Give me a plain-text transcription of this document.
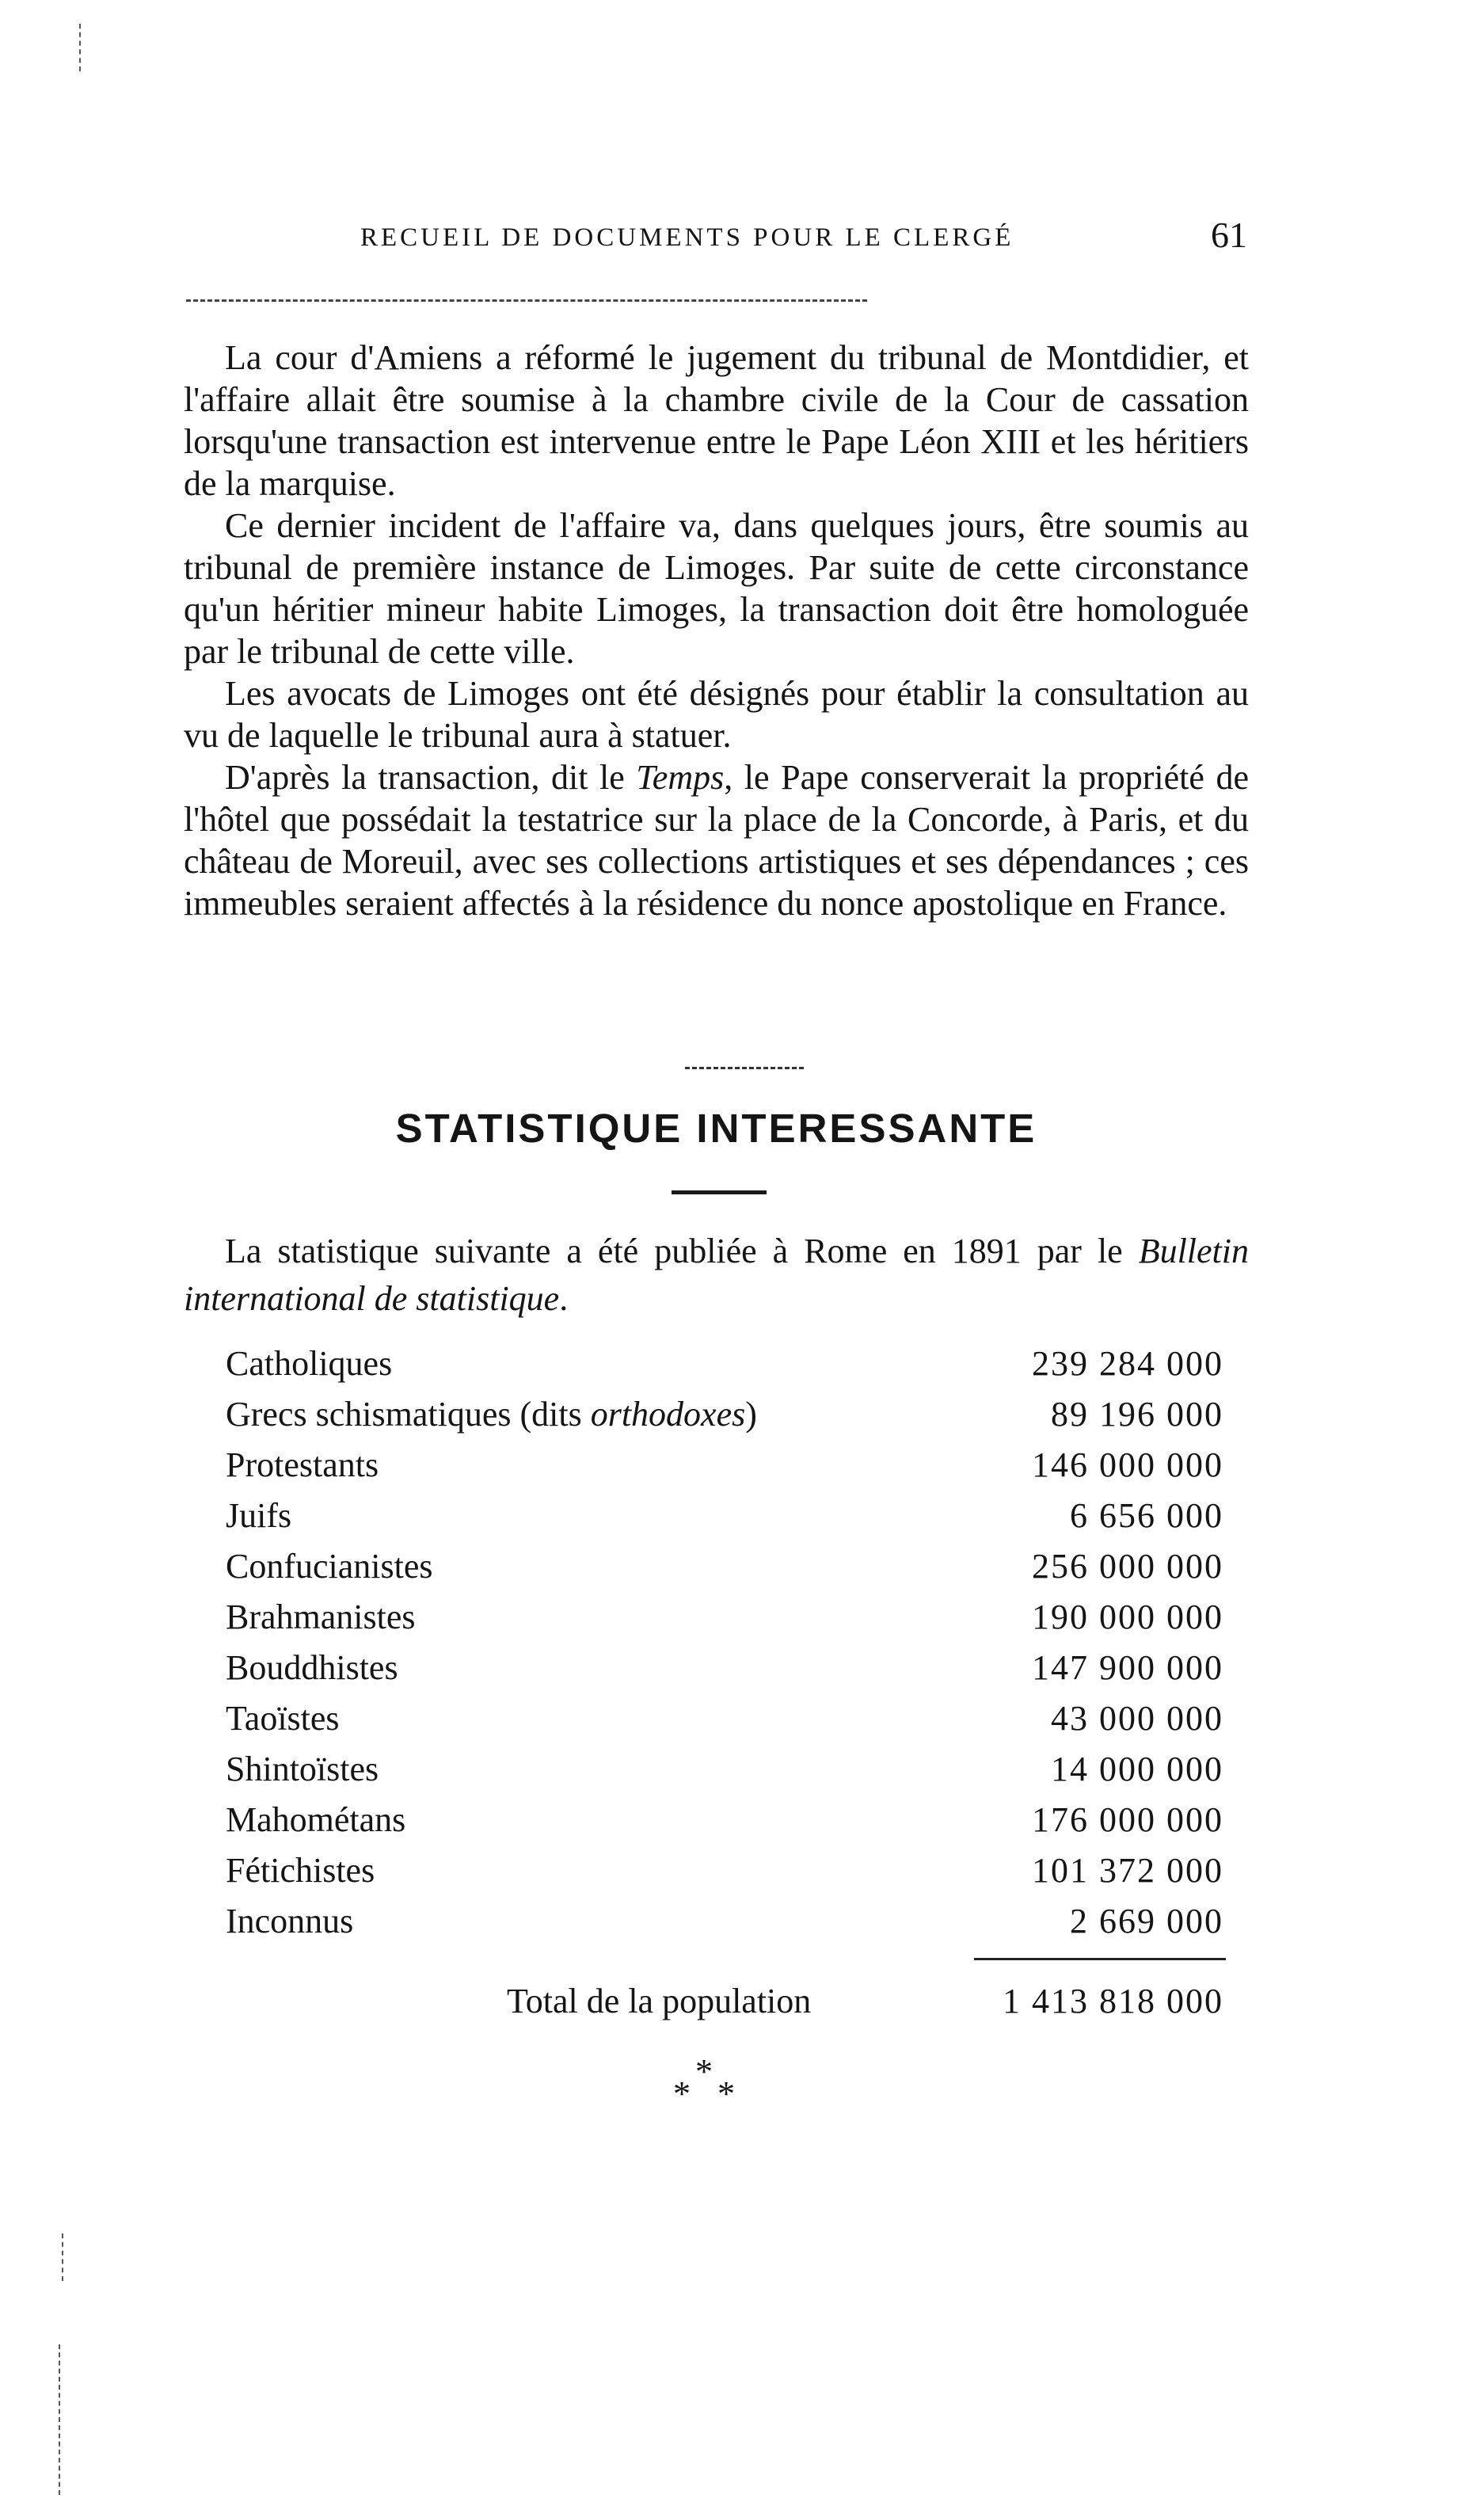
RECUEIL DE DOCUMENTS POUR LE CLERGÉ	61

La cour d'Amiens a réformé le jugement du tribunal de Montdidier, et l'affaire allait être soumise à la chambre civile de la Cour de cassation lorsqu'une transaction est intervenue entre le Pape Léon XIII et les héritiers de la marquise.

Ce dernier incident de l'affaire va, dans quelques jours, être soumis au tribunal de première instance de Limoges. Par suite de cette circonstance qu'un héritier mineur habite Limoges, la transaction doit être homologuée par le tribunal de cette ville.

Les avocats de Limoges ont été désignés pour établir la consultation au vu de laquelle le tribunal aura à statuer.

D'après la transaction, dit le Temps, le Pape conserverait la propriété de l'hôtel que possédait la testatrice sur la place de la Concorde, à Paris, et du château de Moreuil, avec ses collections artistiques et ses dépendances ; ces immeubles seraient affectés à la résidence du nonce apostolique en France.

STATISTIQUE INTERESSANTE

La statistique suivante a été publiée à Rome en 1891 par le Bulletin international de statistique.

Catholiques	239 284 000
Grecs schismatiques (dits orthodoxes)	89 196 000
Protestants	146 000 000
Juifs	6 656 000
Confucianistes	256 000 000
Brahmanistes	190 000 000
Bouddhistes	147 900 000
Taoïstes	43 000 000
Shintoïstes	14 000 000
Mahométans	176 000 000
Fétichistes	101 372 000
Inconnus	2 669 000
Total de la population	1 413 818 000
*
* *
